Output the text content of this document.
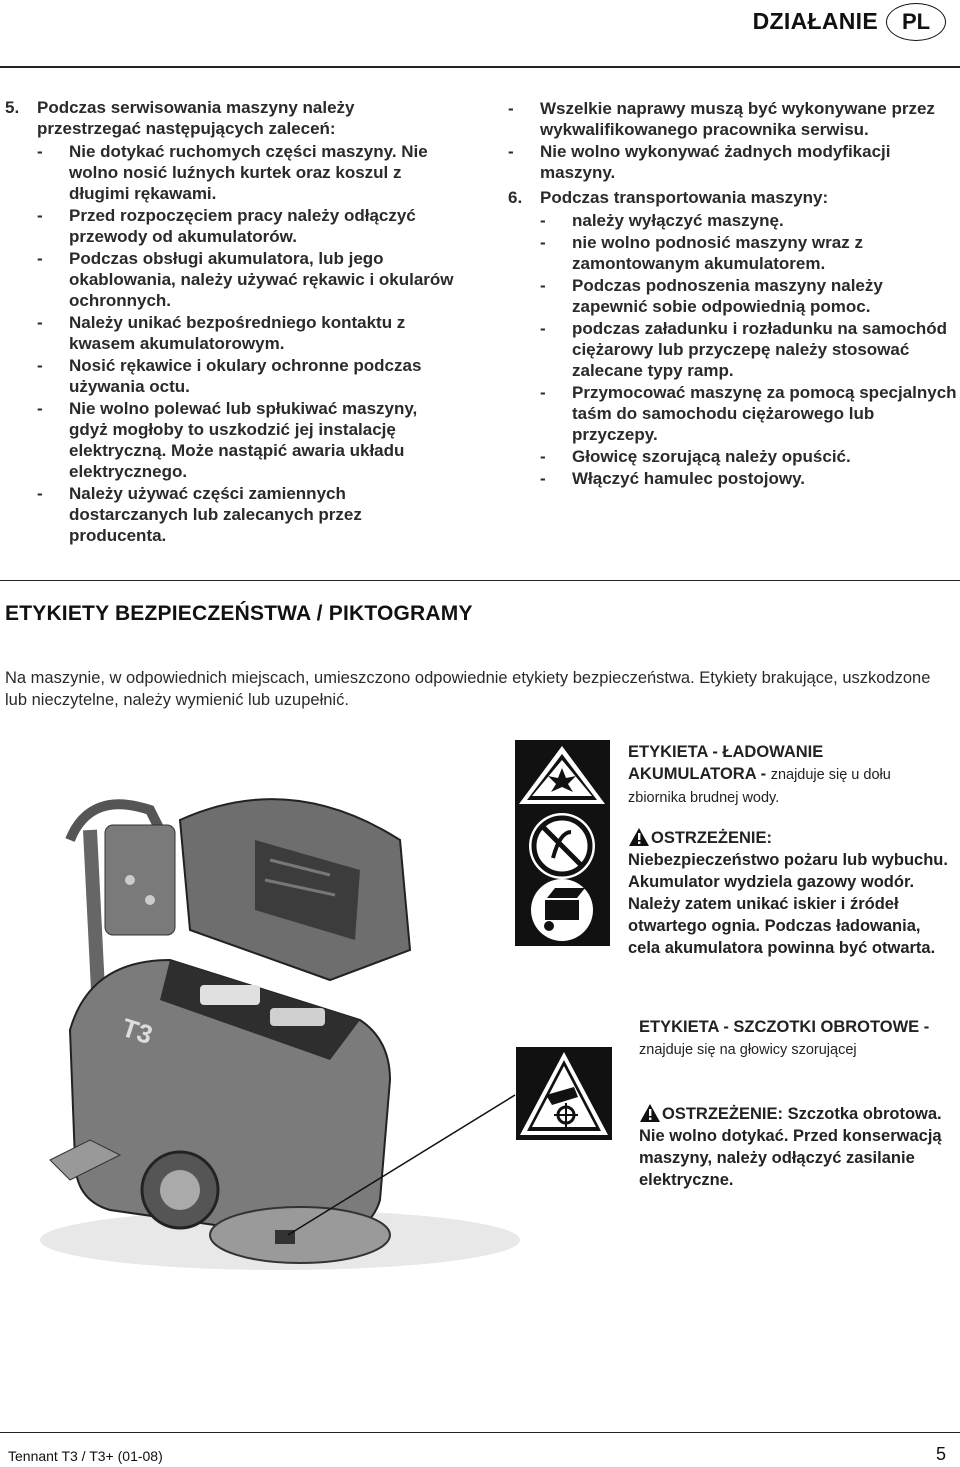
DZIAŁANIE	PL
5. Podczas serwisowania maszyny należy przestrzegać następujących zaleceń:
- Nie dotykać ruchomych części maszyny. Nie wolno nosić luźnych kurtek oraz koszul z długimi rękawami.
- Przed rozpoczęciem pracy należy odłączyć przewody od akumulatorów.
- Podczas obsługi akumulatora, lub jego okablowania, należy używać rękawic i okularów ochronnych.
- Należy unikać bezpośredniego kontaktu z kwasem akumulatorowym.
- Nosić rękawice i okulary ochronne podczas używania octu.
- Nie wolno polewać lub spłukiwać maszyny, gdyż mogłoby to uszkodzić jej instalację elektryczną. Może nastąpić awaria układu elektrycznego.
- Należy używać części zamiennych dostarczanych lub zalecanych przez producenta.
- Wszelkie naprawy muszą być wykonywane przez wykwalifikowanego pracownika serwisu.
- Nie wolno wykonywać żadnych modyfikacji maszyny.
6. Podczas transportowania maszyny:
- należy wyłączyć maszynę.
- nie wolno podnosić maszyny wraz z zamontowanym akumulatorem.
- Podczas podnoszenia maszyny należy zapewnić sobie odpowiednią pomoc.
- podczas załadunku i rozładunku na samochód ciężarowy lub przyczepę należy stosować zalecane typy ramp.
- Przymocować maszynę za pomocą specjalnych taśm do samochodu ciężarowego lub przyczepy.
- Głowicę szorującą należy opuścić.
- Włączyć hamulec postojowy.
ETYKIETY BEZPIECZEŃSTWA / PIKTOGRAMY
Na maszynie, w odpowiednich miejscach, umieszczono odpowiednie etykiety bezpieczeństwa. Etykiety brakujące, uszkodzone lub nieczytelne, należy wymienić lub uzupełnić.
T3
ETYKIETA - ŁADOWANIE AKUMULATORA - znajduje się u dołu zbiornika brudnej wody.
OSTRZEŻENIE:
Niebezpieczeństwo pożaru lub wybuchu. Akumulator wydziela gazowy wodór. Należy zatem unikać iskier i źródeł otwartego ognia. Podczas ładowania, cela akumulatora powinna być otwarta.
ETYKIETA - SZCZOTKI OBROTOWE - znajduje się na głowicy szorującej
OSTRZEŻENIE: Szczotka obrotowa. Nie wolno dotykać. Przed konserwacją maszyny, należy odłączyć zasilanie elektryczne.
Tennant T3 / T3+ (01-08)	5
